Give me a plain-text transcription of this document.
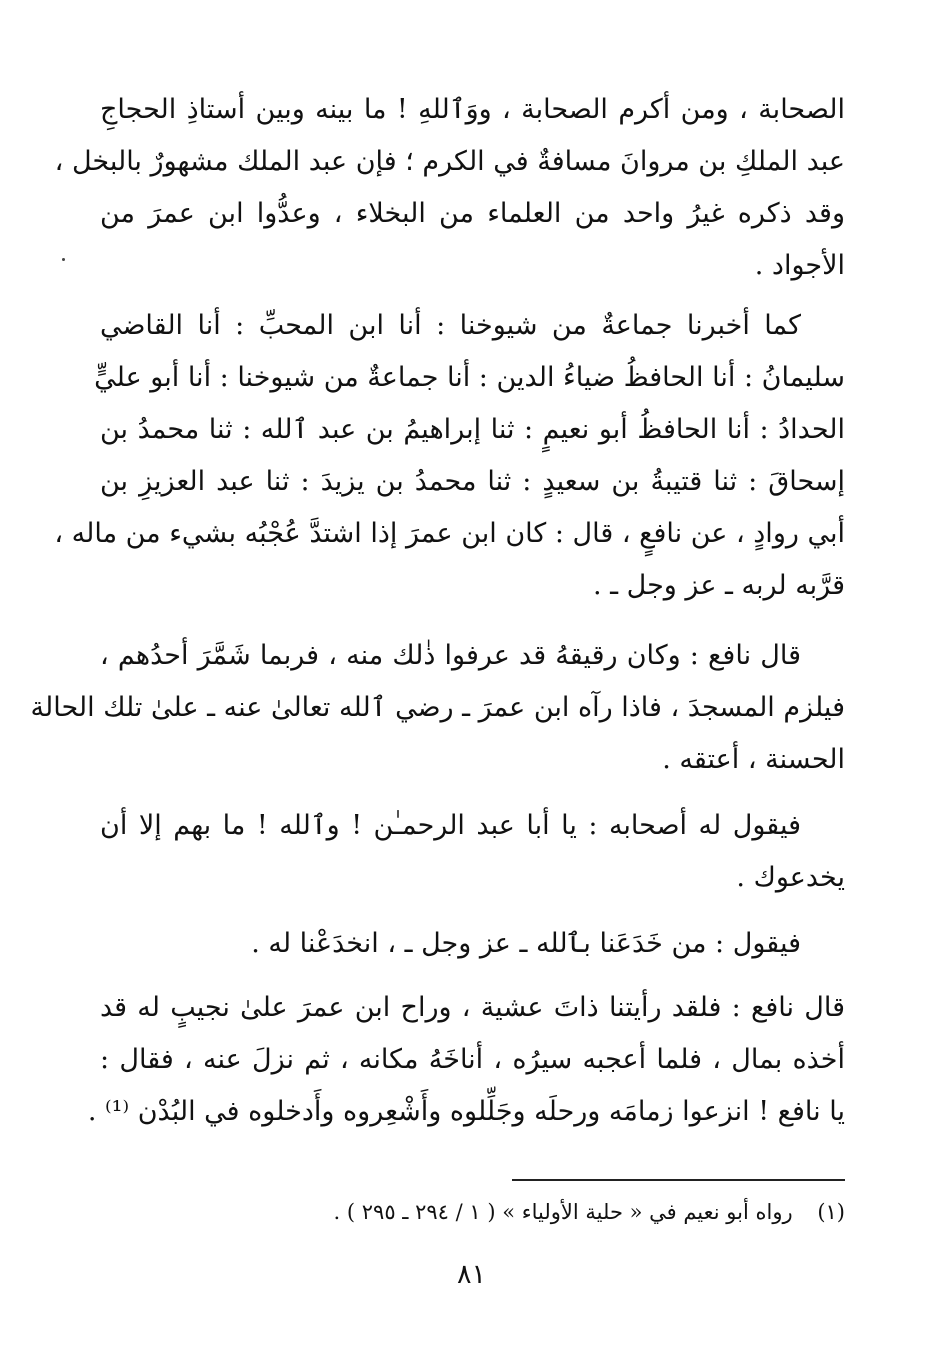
الصحابة ، ومن أكرم الصحابة ، ووَٱللهِ ! ما بينه وبين أستاذِ الحجاجِ
عبد الملكِ بن مروانَ مسافةٌ في الكرم ؛ فإن عبد الملك مشهورٌ بالبخل ،
وقد ذكره غيرُ واحد من العلماء من البخلاء ، وعدُّوا ابن عمرَ من
الأجواد .
كما أخبرنا جماعةٌ من شيوخنا : أنا ابن المحبِّ : أنا القاضي
سليمانُ : أنا الحافظُ ضياءُ الدين : أنا جماعةٌ من شيوخنا : أنا أبو عليٍّ
الحدادُ : أنا الحافظُ أبو نعيمٍ : ثنا إبراهيمُ بن عبد ٱلله : ثنا محمدُ بن
إسحاقَ : ثنا قتيبةُ بن سعيدٍ : ثنا محمدُ بن يزيدَ : ثنا عبد العزيزِ بن
أبي روادٍ ، عن نافعٍ ، قال : كان ابن عمرَ إذا اشتدَّ عُجْبُه بشيء من ماله ،
قرَّبه لربه ـ عز وجل ـ .
قال نافع : وكان رقيقهُ قد عرفوا ذٰلك منه ، فربما شَمَّرَ أحدُهم ،
فيلزم المسجدَ ، فاذا رآه ابن عمرَ ـ رضي ٱلله تعالىٰ عنه ـ علىٰ تلك الحالة
الحسنة ، أعتقه .
فيقول له أصحابه : يا أبا عبد الرحمـٰن ! وٱلله ! ما بهم إلا أن
يخدعوك .
فيقول : من خَدَعَنا بٱلله ـ عز وجل ـ ، انخدَعْنا له .
قال نافع : فلقد رأيتنا ذاتَ عشية ، وراح ابن عمرَ علىٰ نجيبٍ له قد
أخذه بمال ، فلما أعجبه سيرُه ، أناخَهُ مكانه ، ثم نزلَ عنه ، فقال :
يا نافع ! انزعوا زمامَه ورحلَه وجَلِّلوه وأَشْعِروه وأَدخلوه في البُدْن ⁽¹⁾ .
(١) رواه أبو نعيم في « حلية الأولياء » ( ١ / ٢٩٤ ـ ٢٩٥ ) .
٨١
